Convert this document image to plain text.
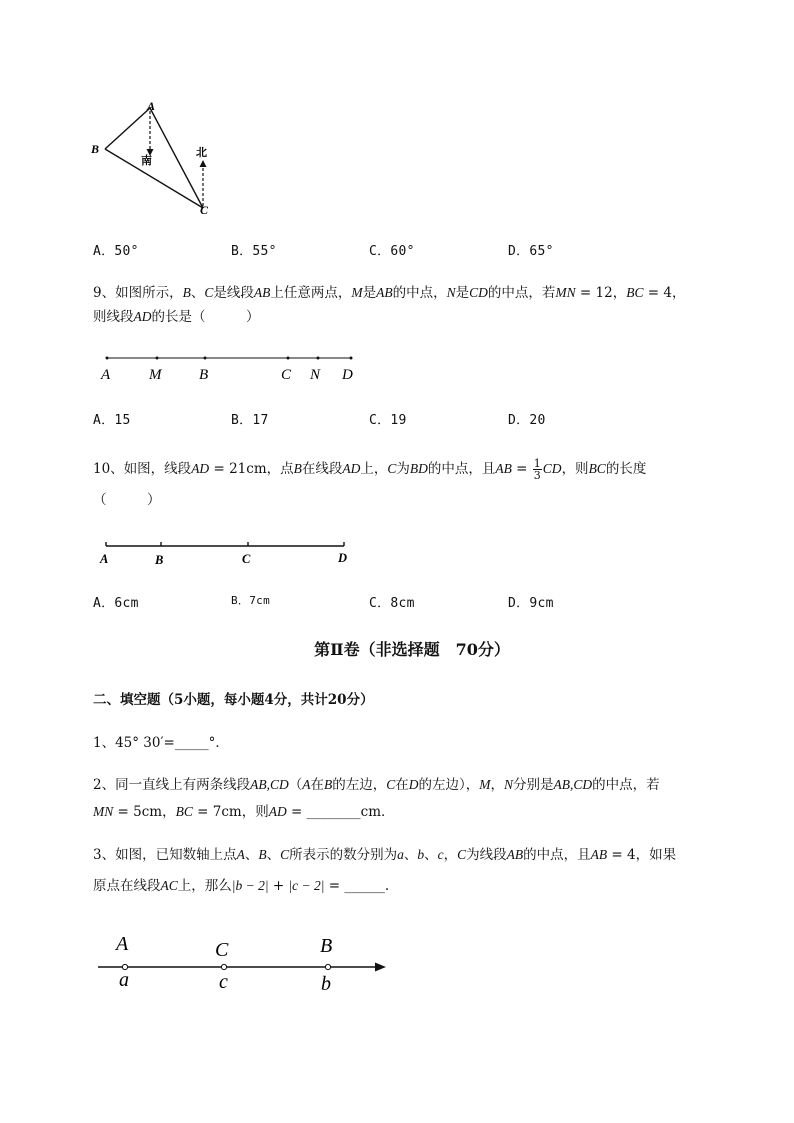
A
B
C
南
北
A．50°	B．55°	C．60°	D．65°
9、如图所示，B、C是线段AB上任意两点，M是AB的中点，N是CD的中点，若MN = 12，BC = 4，
则线段AD的长是（　　　）
A	M	B	C N D
A．15	B．17	C．19	D．20
10、如图，线段AD = 21cm，点B在线段AD上，C为BD的中点，且AB = $\frac{1}{3}$ CD，则BC的长度
（　　　）
A	B	C	D
A．6cm	B．7cm	C．8cm	D．9cm
第Ⅱ卷（非选择题　70分）
二、填空题（5小题，每小题4分，共计20分）
1、45° 30′=_____°．
2、同一直线上有两条线段AB,CD（A在B的左边，C在D的左边），M，N分别是AB,CD的中点，若
MN = 5cm，BC = 7cm，则AD = ________cm．
3、如图，已知数轴上点A、B、C所表示的数分别为a、b、c，C为线段AB的中点，且AB = 4，如果
原点在线段AC上，那么|b − 2| + |c − 2| = ______.
A	C	B
a	c	b
